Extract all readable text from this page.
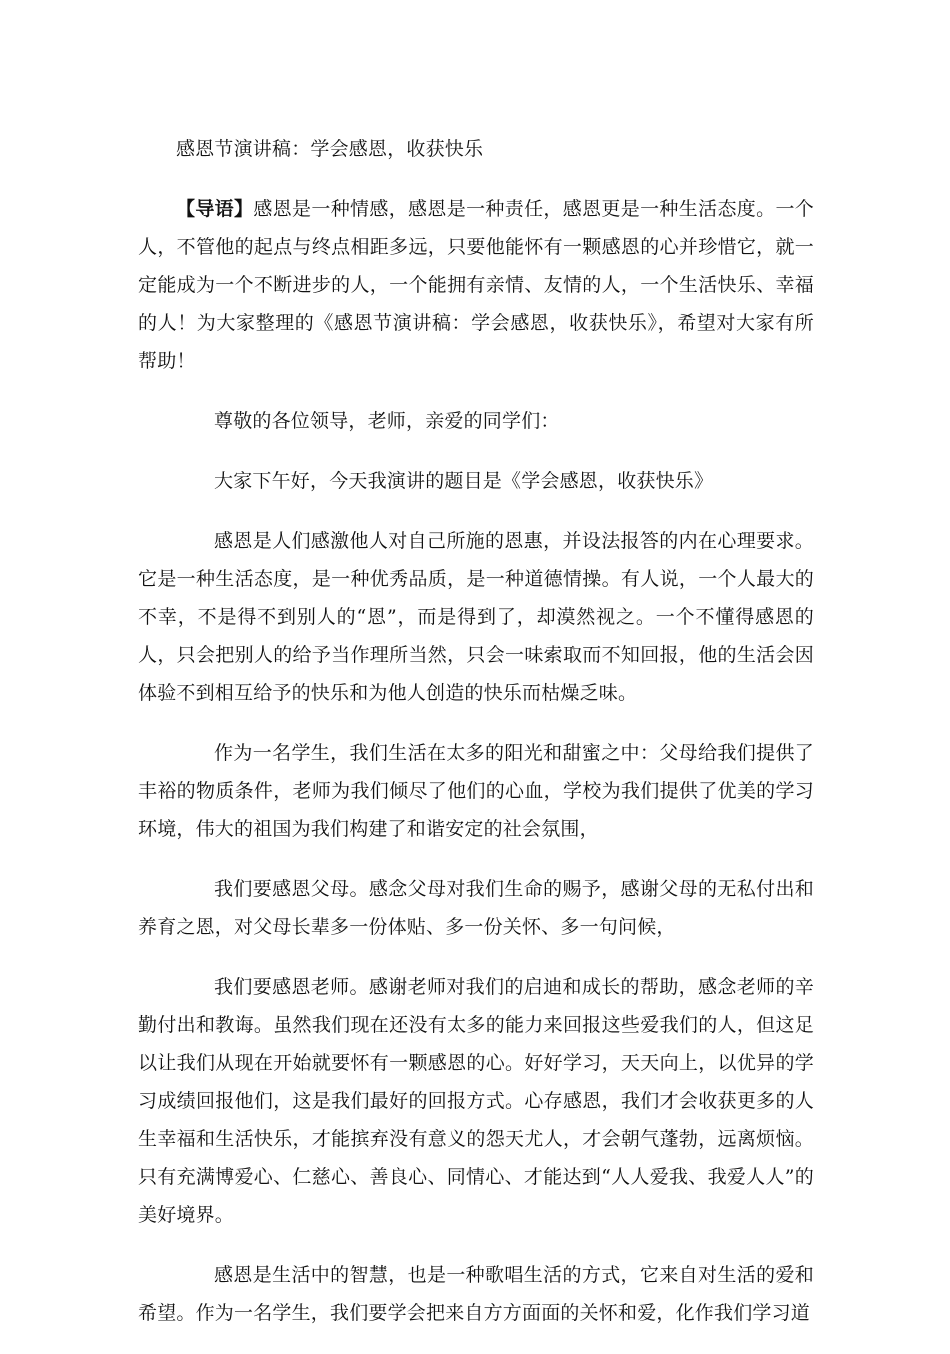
感恩节演讲稿：学会感恩，收获快乐

【导语】感恩是一种情感，感恩是一种责任，感恩更是一种生活态度。一个人，不管他的起点与终点相距多远，只要他能怀有一颗感恩的心并珍惜它，就一定能成为一个不断进步的人，一个能拥有亲情、友情的人，一个生活快乐、幸福的人！为大家整理的《感恩节演讲稿：学会感恩，收获快乐》，希望对大家有所帮助！

尊敬的各位领导，老师，亲爱的同学们：

大家下午好，今天我演讲的题目是《学会感恩，收获快乐》

感恩是人们感激他人对自己所施的恩惠，并设法报答的内在心理要求。它是一种生活态度，是一种优秀品质，是一种道德情操。有人说，一个人最大的不幸，不是得不到别人的“恩”，而是得到了，却漠然视之。一个不懂得感恩的人，只会把别人的给予当作理所当然，只会一味索取而不知回报，他的生活会因体验不到相互给予的快乐和为他人创造的快乐而枯燥乏味。

作为一名学生，我们生活在太多的阳光和甜蜜之中：父母给我们提供了丰裕的物质条件，老师为我们倾尽了他们的心血，学校为我们提供了优美的学习环境，伟大的祖国为我们构建了和谐安定的社会氛围，

我们要感恩父母。感念父母对我们生命的赐予，感谢父母的无私付出和养育之恩，对父母长辈多一份体贴、多一份关怀、多一句问候，

我们要感恩老师。感谢老师对我们的启迪和成长的帮助，感念老师的辛勤付出和教诲。虽然我们现在还没有太多的能力来回报这些爱我们的人，但这足以让我们从现在开始就要怀有一颗感恩的心。好好学习，天天向上，以优异的学习成绩回报他们，这是我们最好的回报方式。心存感恩，我们才会收获更多的人生幸福和生活快乐，才能摈弃没有意义的怨天尤人，才会朝气蓬勃，远离烦恼。只有充满博爱心、仁慈心、善良心、同情心、才能达到“人人爱我、我爱人人”的美好境界。

感恩是生活中的智慧，也是一种歌唱生活的方式，它来自对生活的爱和希望。作为一名学生，我们要学会把来自方方面面的关怀和爱，化作我们学习道
